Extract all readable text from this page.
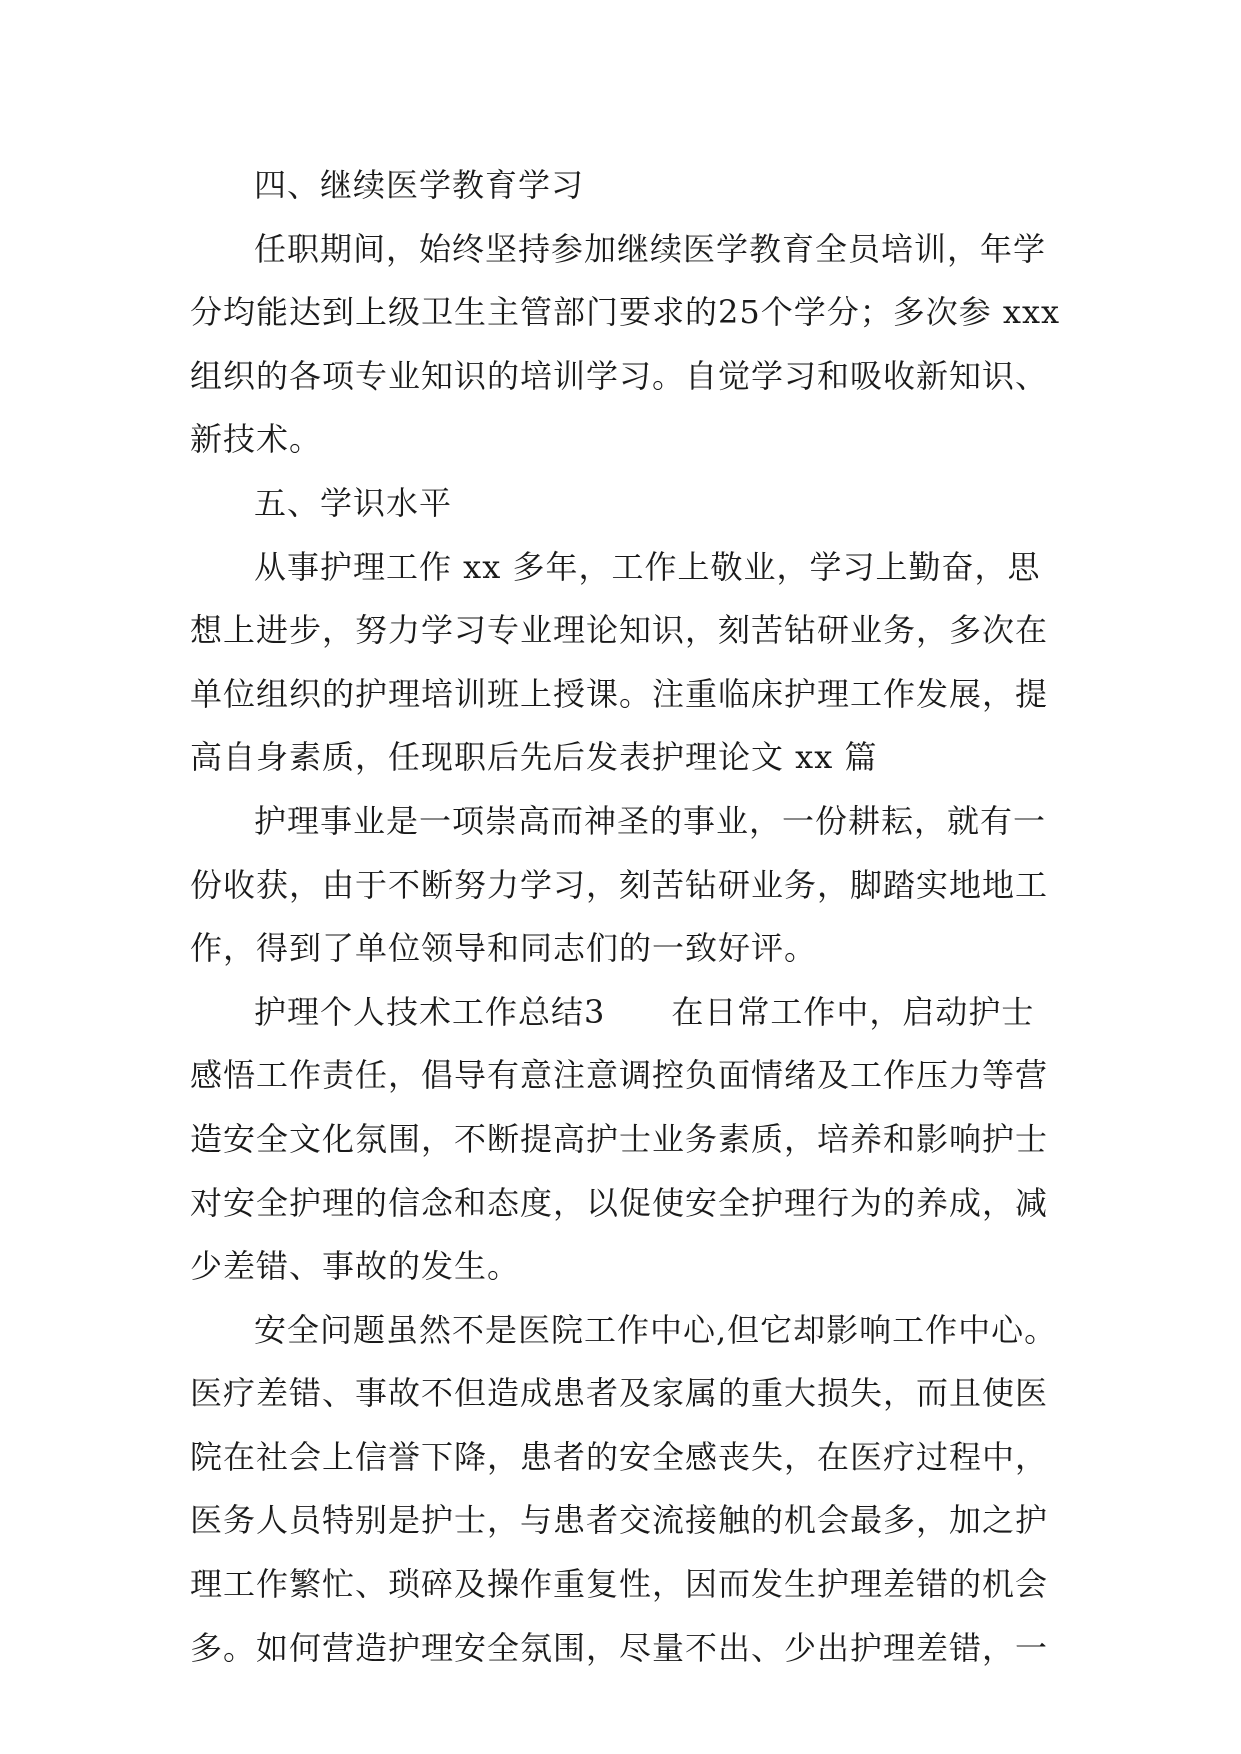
四、继续医学教育学习
任职期间，始终坚持参加继续医学教育全员培训，年学
分均能达到上级卫生主管部门要求的25个学分；多次参 xxx
组织的各项专业知识的培训学习。自觉学习和吸收新知识、
新技术。
五、学识水平
从事护理工作 xx 多年，工作上敬业，学习上勤奋，思
想上进步，努力学习专业理论知识，刻苦钻研业务，多次在
单位组织的护理培训班上授课。注重临床护理工作发展，提
高自身素质，任现职后先后发表护理论文 xx 篇
护理事业是一项崇高而神圣的事业，一份耕耘，就有一
份收获，由于不断努力学习，刻苦钻研业务，脚踏实地地工
作，得到了单位领导和同志们的一致好评。
护理个人技术工作总结3　　在日常工作中，启动护士
感悟工作责任，倡导有意注意调控负面情绪及工作压力等营
造安全文化氛围，不断提高护士业务素质，培养和影响护士
对安全护理的信念和态度，以促使安全护理行为的养成，减
少差错、事故的发生。
安全问题虽然不是医院工作中心,但它却影响工作中心。
医疗差错、事故不但造成患者及家属的重大损失，而且使医
院在社会上信誉下降，患者的安全感丧失，在医疗过程中，
医务人员特别是护士，与患者交流接触的机会最多，加之护
理工作繁忙、琐碎及操作重复性，因而发生护理差错的机会
多。如何营造护理安全氛围，尽量不出、少出护理差错，一
